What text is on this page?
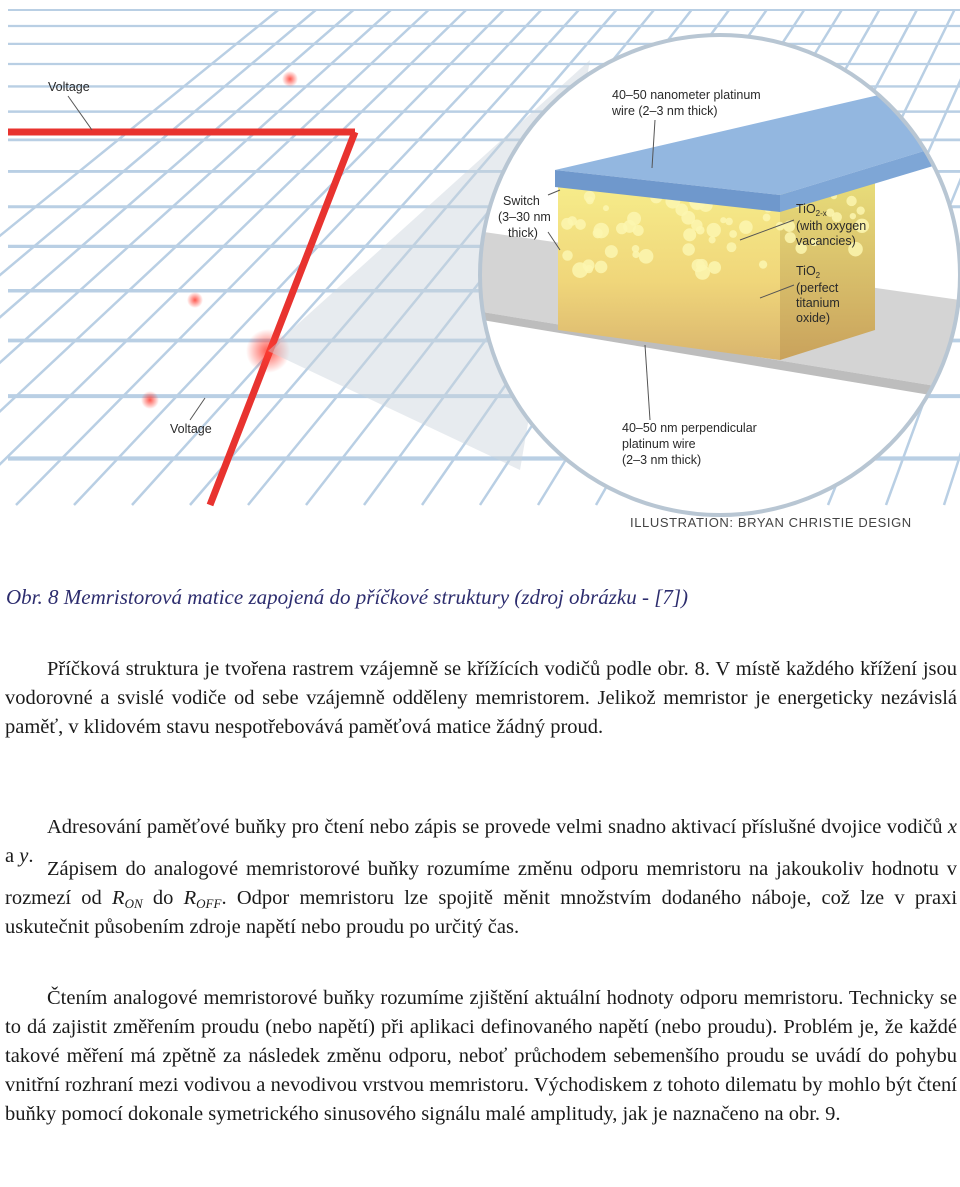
Voltage
Voltage
40–50 nanometer platinum
wire (2–3 nm thick)
Switch
(3–30 nm
thick)
TiO$_{2-x}$
(with oxygen
vacancies)
TiO$_2$
(perfect
titanium
oxide)
40–50 nm perpendicular
platinum wire
(2–3 nm thick)
ILLUSTRATION: BRYAN CHRISTIE DESIGN

Obr. 8 Memristorová matice zapojená do příčkové struktury (zdroj obrázku - [7])

Příčková struktura je tvořena rastrem vzájemně se křížících vodičů podle obr. 8. V místě každého křížení jsou vodorovné a svislé vodiče od sebe vzájemně odděleny memristorem. Jelikož memristor je energeticky nezávislá paměť, v klidovém stavu nespotřebovává paměťová matice žádný proud.

Adresování paměťové buňky pro čtení nebo zápis se provede velmi snadno aktivací příslušné dvojice vodičů x a y.

Zápisem do analogové memristorové buňky rozumíme změnu odporu memristoru na jakoukoliv hodnotu v rozmezí od $R_{ON}$ do $R_{OFF}$. Odpor memristoru lze spojitě měnit množstvím dodaného náboje, což lze v praxi uskutečnit působením zdroje napětí nebo proudu po určitý čas.

Čtením analogové memristorové buňky rozumíme zjištění aktuální hodnoty odporu memristoru. Technicky se to dá zajistit změřením proudu (nebo napětí) při aplikaci definovaného napětí (nebo proudu). Problém je, že každé takové měření má zpětně za následek změnu odporu, neboť průchodem sebemenšího proudu se uvádí do pohybu vnitřní rozhraní mezi vodivou a nevodivou vrstvou memristoru. Východiskem z tohoto dilematu by mohlo být čtení buňky pomocí dokonale symetrického sinusového signálu malé amplitudy, jak je naznačeno na obr. 9.
